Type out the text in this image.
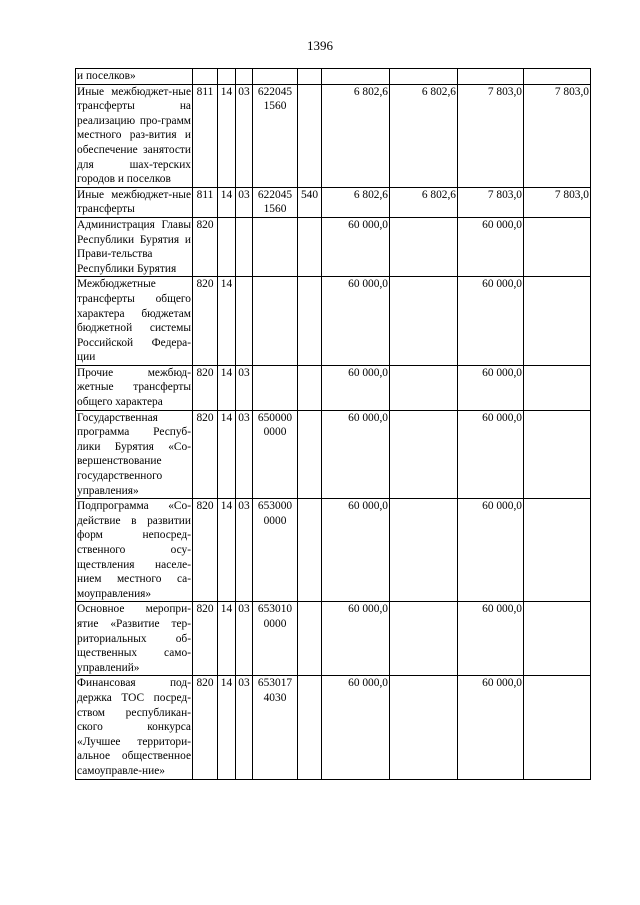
1396
и поселков»									
Иные межбюджет-ные трансферты на реализацию про-грамм местного раз-вития и обеспечение занятости для шах-терских городов и поселков	811	14	03	622045 1560		6 802,6	6 802,6	7 803,0	7 803,0
Иные межбюджет-ные трансферты	811	14	03	622045 1560	540	6 802,6	6 802,6	7 803,0	7 803,0
Администрация Главы Республики Бурятия и Прави-тельства Республики Бурятия	820					60 000,0		60 000,0	
Межбюджетные трансферты общего характера бюджетам бюджетной системы Российской Федера-ции	820	14				60 000,0		60 000,0	
Прочие межбюд-жетные трансферты общего характера	820	14	03			60 000,0		60 000,0	
Государственная программа Респуб-лики Бурятия «Со-вершенствование государственного управления»	820	14	03	650000 0000		60 000,0		60 000,0	
Подпрограмма «Со-действие в развитии форм непосред-ственного осу-ществления населе-нием местного са-моуправления»	820	14	03	653000 0000		60 000,0		60 000,0	
Основное меропри-ятие «Развитие тер-риториальных об-щественных само-управлений»	820	14	03	653010 0000		60 000,0		60 000,0	
Финансовая под-держка ТОС посред-ством республикан-ского конкурса «Лучшее территори-альное общественное самоуправле-ние»	820	14	03	653017 4030		60 000,0		60 000,0	
